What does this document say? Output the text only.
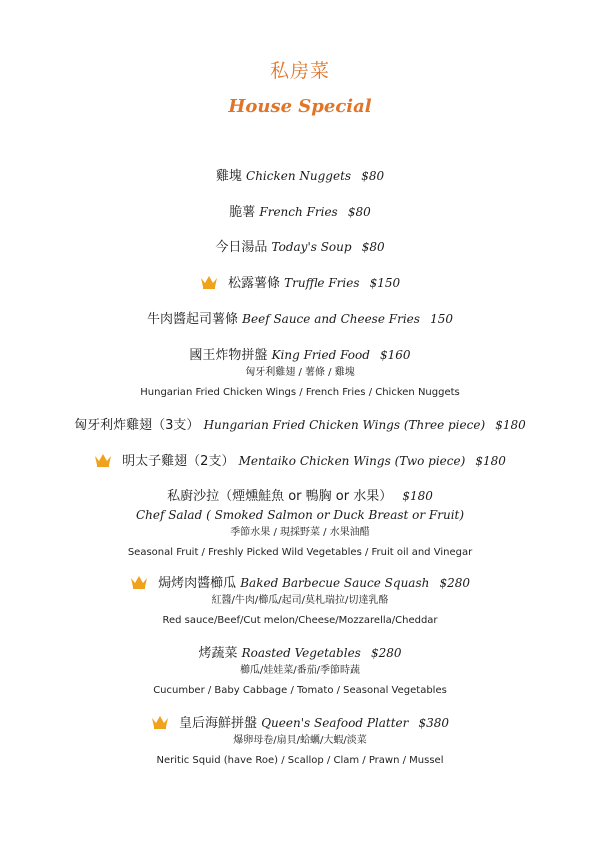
私房菜
House Special
雞塊 Chicken Nuggets $80
脆薯 French Fries $80
今日湯品 Today's Soup $80
松露薯條 Truffle Fries $150
牛肉醬起司薯條 Beef Sauce and Cheese Fries 150
國王炸物拼盤 King Fried Food $160
匈牙利雞翅 / 薯條 / 雞塊
Hungarian Fried Chicken Wings / French Fries / Chicken Nuggets
匈牙利炸雞翅（3支） Hungarian Fried Chicken Wings (Three piece) $180
明太子雞翅（2支） Mentaiko Chicken Wings (Two piece) $180
私廚沙拉（煙燻鮭魚 or 鴨胸 or 水果） $180
Chef Salad ( Smoked Salmon or Duck Breast or Fruit)
季節水果 / 現採野菜 / 水果油醋
Seasonal Fruit / Freshly Picked Wild Vegetables / Fruit oil and Vinegar
焗烤肉醬櫛瓜 Baked Barbecue Sauce Squash $280
紅醬/牛肉/櫛瓜/起司/莫札瑞拉/切達乳酪
Red sauce/Beef/Cut melon/Cheese/Mozzarella/Cheddar
烤蔬菜 Roasted Vegetables $280
櫛瓜/娃娃菜/番茄/季節時蔬
Cucumber / Baby Cabbage / Tomato / Seasonal Vegetables
皇后海鮮拼盤 Queen's Seafood Platter $380
爆卵母卷/扇貝/蛤蠣/大蝦/淡菜
Neritic Squid (have Roe) / Scallop / Clam / Prawn / Mussel
